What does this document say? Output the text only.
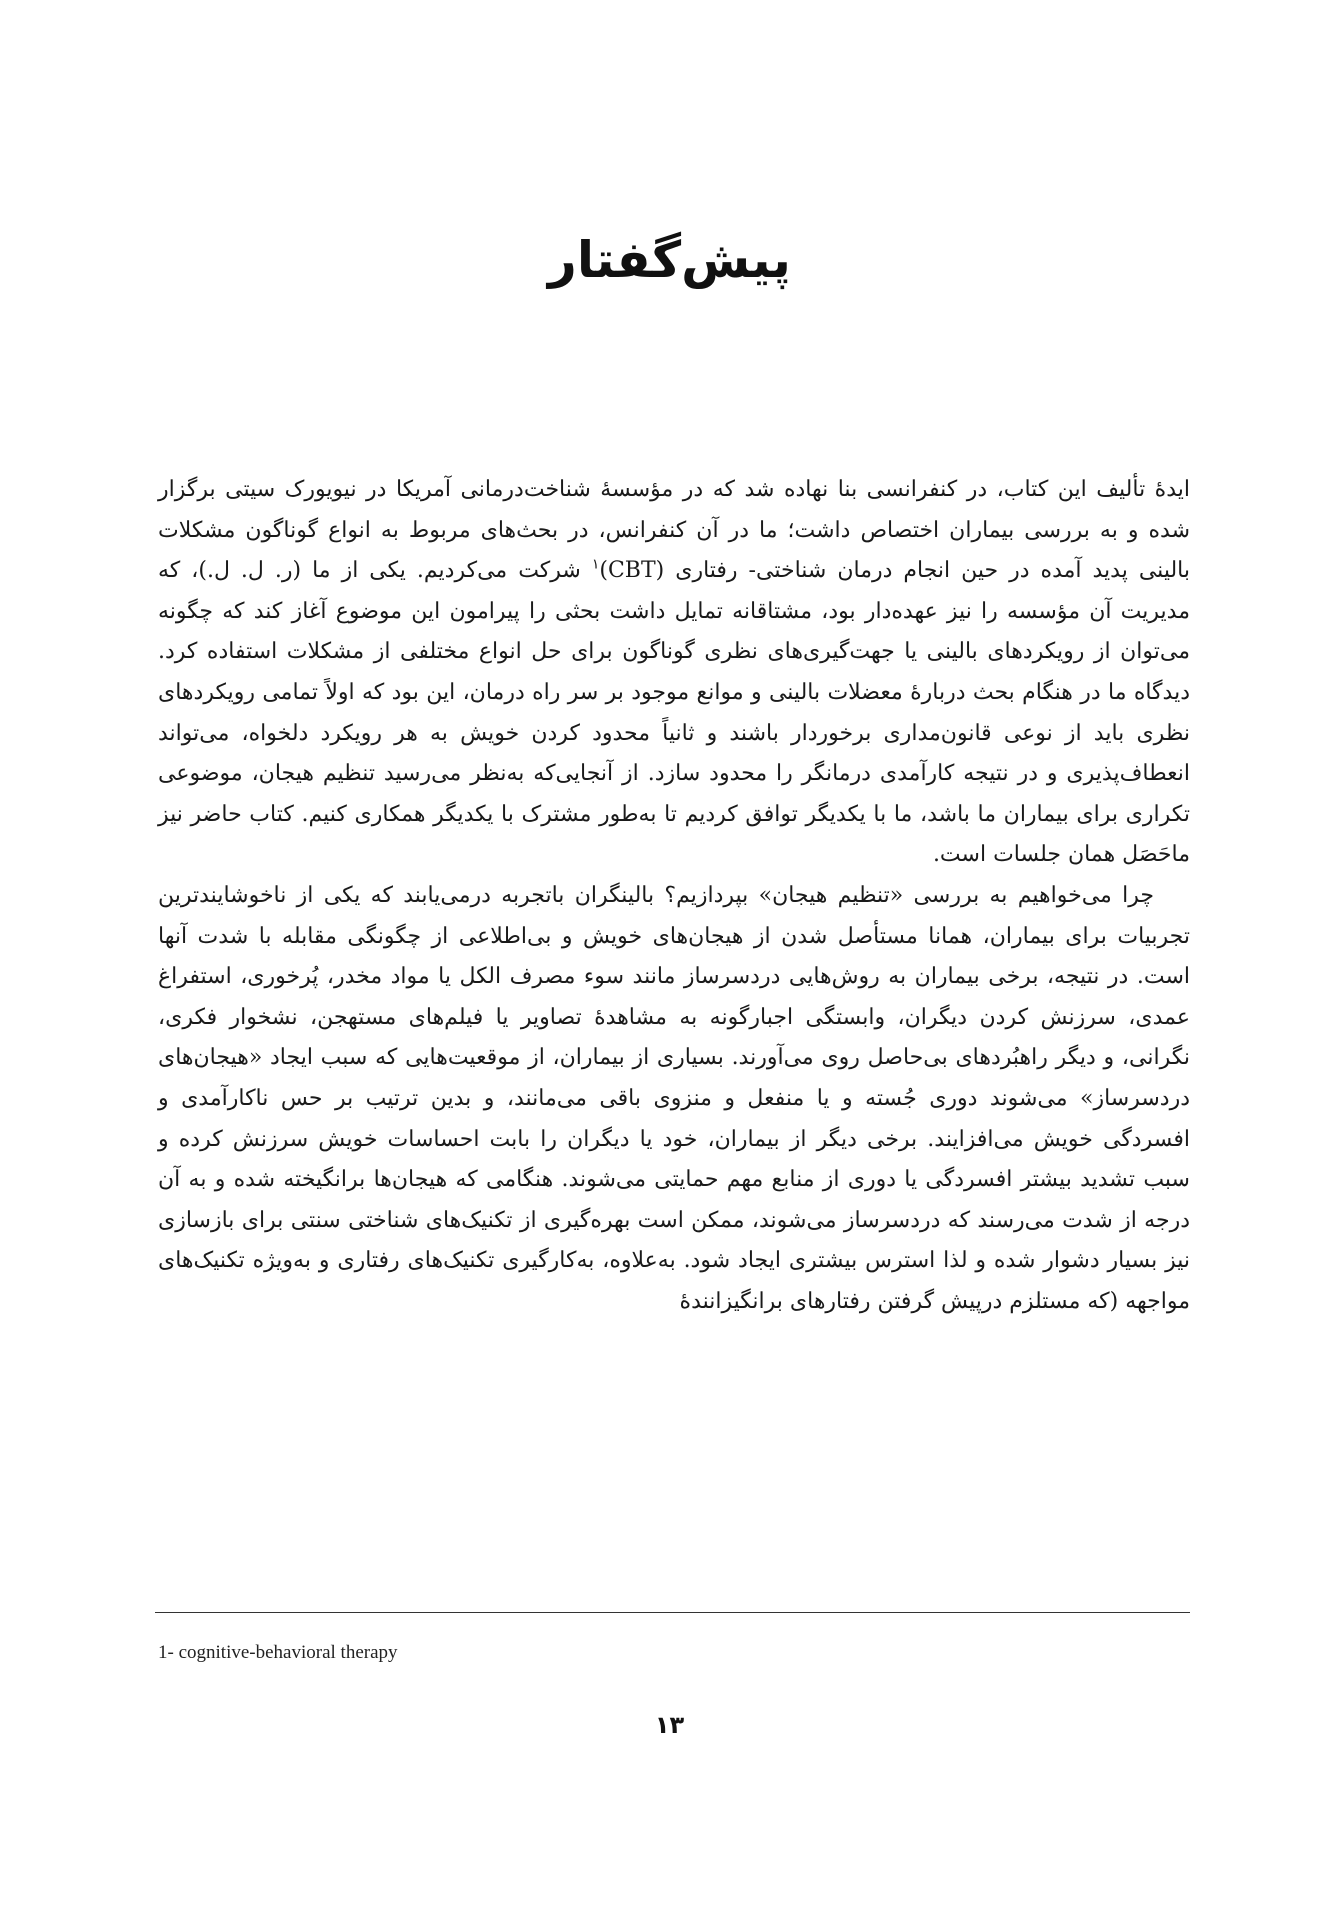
پیش‌گفتار

ایدهٔ تألیف این کتاب، در کنفرانسی بنا نهاده شد که در مؤسسهٔ شناخت‌درمانی آمریکا در نیویورک سیتی برگزار شده و به بررسی بیماران اختصاص داشت؛ ما در آن کنفرانس، در بحث‌های مربوط به انواع گوناگون مشکلات بالینی پدید آمده در حین انجام درمان شناختی- رفتاری (CBT)$^۱$ شرکت می‌کردیم. یکی از ما (ر. ل. ل.)، که مدیریت آن مؤسسه را نیز عهده‌دار بود، مشتاقانه تمایل داشت بحثی را پیرامون این موضوع آغاز کند که چگونه می‌توان از رویکردهای بالینی یا جهت‌گیری‌های نظری گوناگون برای حل انواع مختلفی از مشکلات استفاده کرد. دیدگاه ما در هنگام بحث دربارهٔ معضلات بالینی و موانع موجود بر سر راه درمان، این بود که اولاً تمامی رویکردهای نظری باید از نوعی قانون‌مداری برخوردار باشند و ثانیاً محدود کردن خویش به هر رویکرد دلخواه، می‌تواند انعطاف‌پذیری و در نتیجه کارآمدی درمانگر را محدود سازد. از آنجایی‌که به‌نظر می‌رسید تنظیم هیجان، موضوعی تکراری برای بیماران ما باشد، ما با یکدیگر توافق کردیم تا به‌طور مشترک با یکدیگر همکاری کنیم. کتاب حاضر نیز ماحَصَل همان جلسات است.

چرا می‌خواهیم به بررسی «تنظیم هیجان» بپردازیم؟ بالینگران باتجربه درمی‌یابند که یکی از ناخوشایندترین تجربیات برای بیماران، همانا مستأصل شدن از هیجان‌های خویش و بی‌اطلاعی از چگونگی مقابله با شدت آنها است. در نتیجه، برخی بیماران به روش‌هایی دردسرساز مانند سوء مصرف الکل یا مواد مخدر، پُرخوری، استفراغ عمدی، سرزنش کردن دیگران، وابستگی اجبارگونه به مشاهدهٔ تصاویر یا فیلم‌های مستهجن، نشخوار فکری، نگرانی، و دیگر راهبُردهای بی‌حاصل روی می‌آورند. بسیاری از بیماران، از موقعیت‌هایی که سبب ایجاد «هیجان‌های دردسرساز» می‌شوند دوری جُسته و یا منفعل و منزوی باقی می‌مانند، و بدین ترتیب بر حس ناکارآمدی و افسردگی خویش می‌افزایند. برخی دیگر از بیماران، خود یا دیگران را بابت احساسات خویش سرزنش کرده و سبب تشدید بیشتر افسردگی یا دوری از منابع مهم حمایتی می‌شوند. هنگامی که هیجان‌ها برانگیخته شده و به آن درجه از شدت می‌رسند که دردسرساز می‌شوند، ممکن است بهره‌گیری از تکنیک‌های شناختی سنتی برای بازسازی نیز بسیار دشوار شده و لذا استرس بیشتری ایجاد شود. به‌علاوه، به‌کارگیری تکنیک‌های رفتاری و به‌ویژه تکنیک‌های مواجهه (که مستلزم درپیش گرفتن رفتارهای برانگیزانندهٔ

1- cognitive-behavioral therapy
۱۳
